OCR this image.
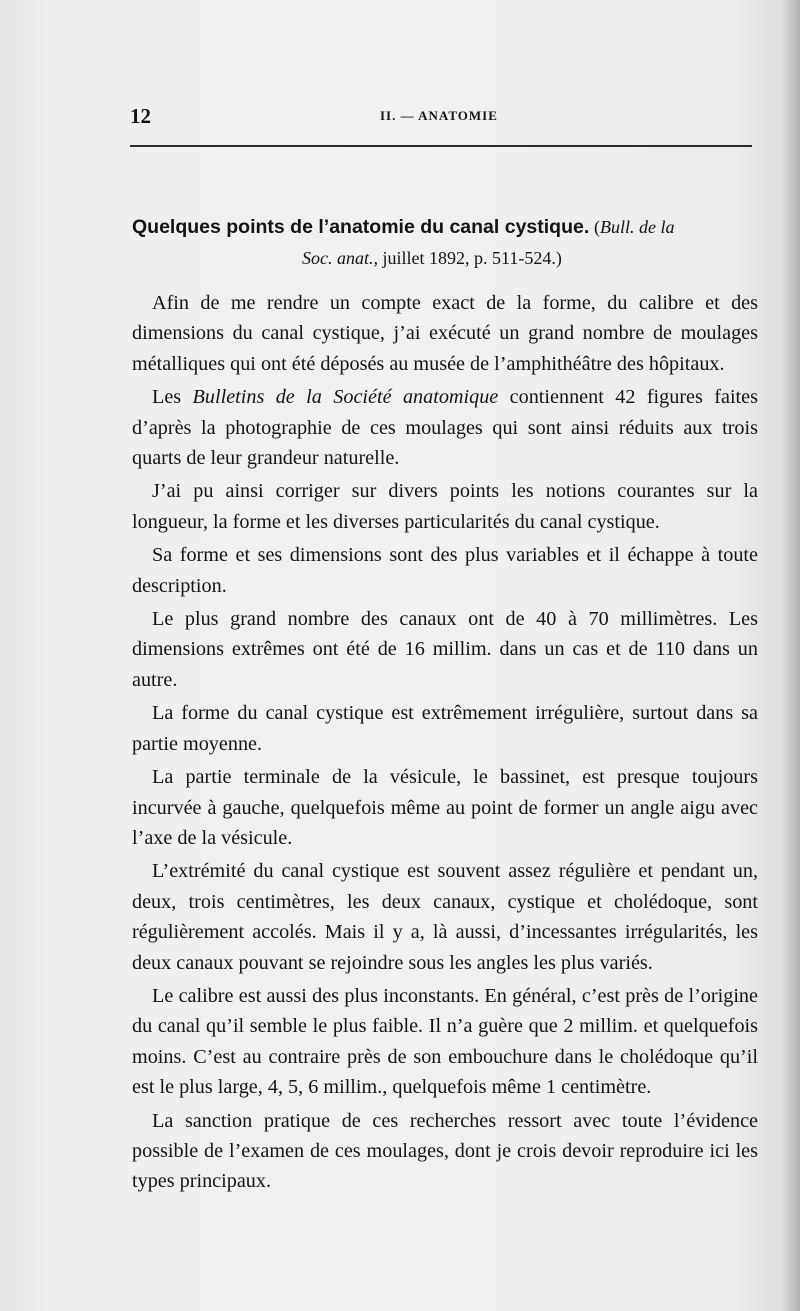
12	II. — ANATOMIE
Quelques points de l’anatomie du canal cystique. (Bull. de la
Soc. anat., juillet 1892, p. 511-524.)

Afin de me rendre un compte exact de la forme, du calibre et des dimensions du canal cystique, j’ai exécuté un grand nombre de moulages métalliques qui ont été déposés au musée de l’amphithéâtre des hôpitaux.

Les Bulletins de la Société anatomique contiennent 42 figures faites d’après la photographie de ces moulages qui sont ainsi réduits aux trois quarts de leur grandeur naturelle.

J’ai pu ainsi corriger sur divers points les notions courantes sur la longueur, la forme et les diverses particularités du canal cystique.

Sa forme et ses dimensions sont des plus variables et il échappe à toute description.

Le plus grand nombre des canaux ont de 40 à 70 millimètres. Les dimensions extrêmes ont été de 16 millim. dans un cas et de 110 dans un autre.

La forme du canal cystique est extrêmement irrégulière, surtout dans sa partie moyenne.

La partie terminale de la vésicule, le bassinet, est presque toujours incurvée à gauche, quelquefois même au point de former un angle aigu avec l’axe de la vésicule.

L’extrémité du canal cystique est souvent assez régulière et pendant un, deux, trois centimètres, les deux canaux, cystique et cholédoque, sont régulièrement accolés. Mais il y a, là aussi, d’incessantes irrégularités, les deux canaux pouvant se rejoindre sous les angles les plus variés.

Le calibre est aussi des plus inconstants. En général, c’est près de l’origine du canal qu’il semble le plus faible. Il n’a guère que 2 millim. et quelquefois moins. C’est au contraire près de son embouchure dans le cholédoque qu’il est le plus large, 4, 5, 6 millim., quelquefois même 1 centimètre.

La sanction pratique de ces recherches ressort avec toute l’évidence possible de l’examen de ces moulages, dont je crois devoir reproduire ici les types principaux.
